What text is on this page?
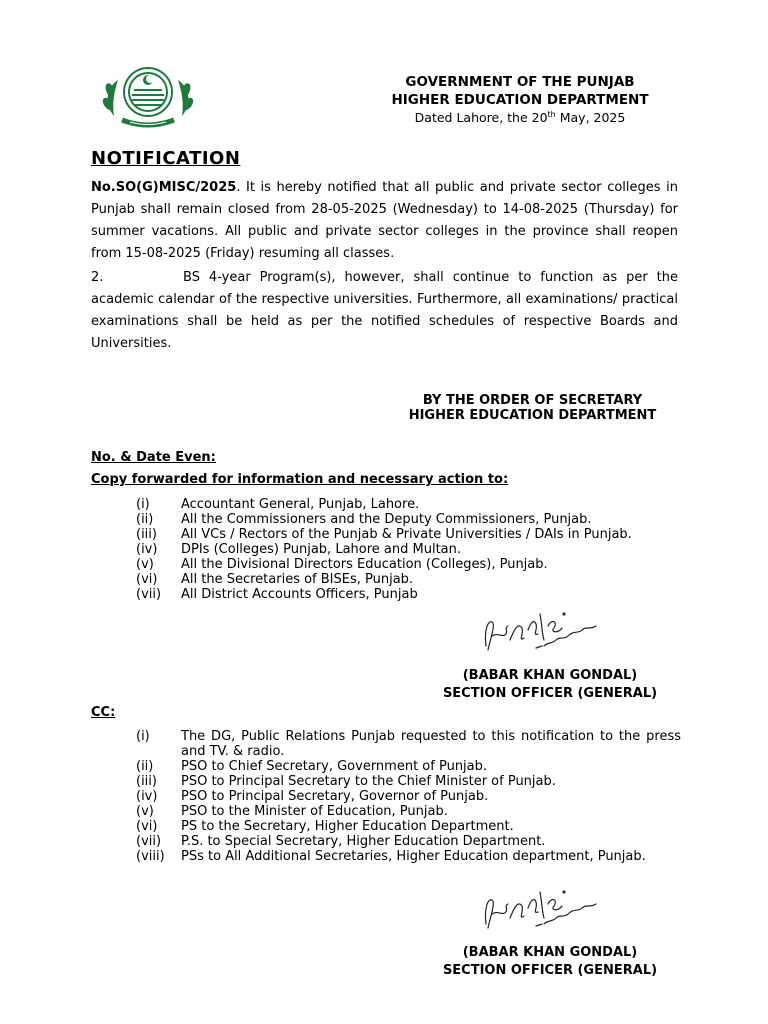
GOVERNMENT OF THE PUNJAB
HIGHER EDUCATION DEPARTMENT
Dated Lahore, the 20th May, 2025
NOTIFICATION
No.SO(G)MISC/2025. It is hereby notified that all public and private sector colleges in Punjab shall remain closed from 28-05-2025 (Wednesday) to 14-08-2025 (Thursday) for summer vacations. All public and private sector colleges in the province shall reopen from 15-08-2025 (Friday) resuming all classes.
2.	BS 4-year Program(s), however, shall continue to function as per the academic calendar of the respective universities. Furthermore, all examinations/ practical examinations shall be held as per the notified schedules of respective Boards and Universities.
BY THE ORDER OF SECRETARY
HIGHER EDUCATION DEPARTMENT
No. & Date Even:
Copy forwarded for information and necessary action to:
(i)	Accountant General, Punjab, Lahore.
(ii)	All the Commissioners and the Deputy Commissioners, Punjab.
(iii)	All VCs / Rectors of the Punjab & Private Universities / DAIs in Punjab.
(iv)	DPIs (Colleges) Punjab, Lahore and Multan.
(v)	All the Divisional Directors Education (Colleges), Punjab.
(vi)	All the Secretaries of BISEs, Punjab.
(vii)	All District Accounts Officers, Punjab
(BABAR KHAN GONDAL)
SECTION OFFICER (GENERAL)
CC:
(i)	The DG, Public Relations Punjab requested to this notification to the press and TV. & radio.
(ii)	PSO to Chief Secretary, Government of Punjab.
(iii)	PSO to Principal Secretary to the Chief Minister of Punjab.
(iv)	PSO to Principal Secretary, Governor of Punjab.
(v)	PSO to the Minister of Education, Punjab.
(vi)	PS to the Secretary, Higher Education Department.
(vii)	P.S. to Special Secretary, Higher Education Department.
(viii)	PSs to All Additional Secretaries, Higher Education department, Punjab.
(BABAR KHAN GONDAL)
SECTION OFFICER (GENERAL)
